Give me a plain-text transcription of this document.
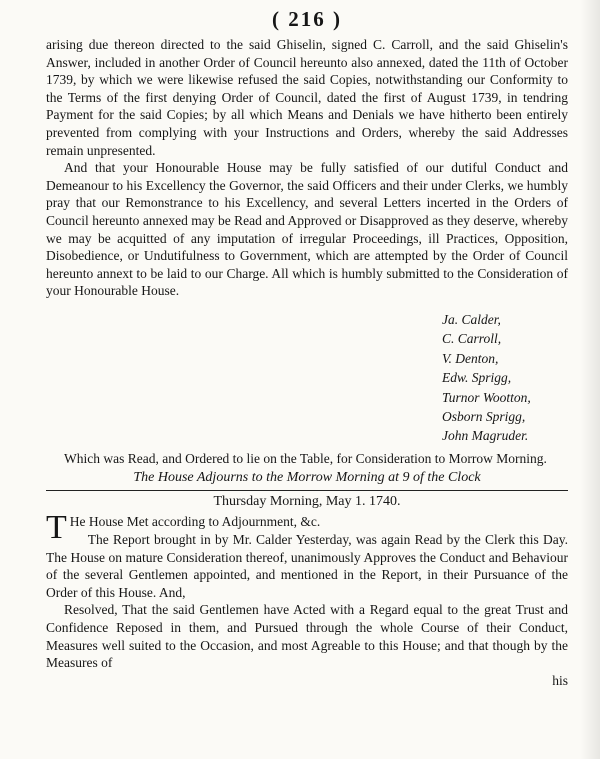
( 216 )

arising due thereon directed to the said Ghiselin, signed C. Carroll, and the said Ghiselin's Answer, included in another Order of Council hereunto also annexed, dated the 11th of October 1739, by which we were likewise refused the said Copies, notwithstanding our Conformity to the Terms of the first denying Order of Council, dated the first of August 1739, in tendring Payment for the said Copies; by all which Means and Denials we have hitherto been entirely prevented from complying with your Instructions and Orders, whereby the said Addresses remain unpresented.

And that your Honourable House may be fully satisfied of our dutiful Conduct and Demeanour to his Excellency the Governor, the said Officers and their under Clerks, we humbly pray that our Remonstrance to his Excellency, and several Letters incerted in the Orders of Council hereunto annexed may be Read and Approved or Disapproved as they deserve, whereby we may be acquitted of any imputation of irregular Proceedings, ill Practices, Opposition, Disobedience, or Undutifulness to Government, which are attempted by the Order of Council hereunto annext to be laid to our Charge. All which is humbly submitted to the Consideration of your Honourable House.

Ja. Calder,
C. Carroll,
V. Denton,
Edw. Sprigg,
Turnor Wootton,
Osborn Sprigg,
John Magruder.

Which was Read, and Ordered to lie on the Table, for Consideration to Morrow Morning.

The House Adjourns to the Morrow Morning at 9 of the Clock
Thursday Morning, May 1. 1740.

T He House Met according to Adjournment, &c.

The Report brought in by Mr. Calder Yesterday, was again Read by the Clerk this Day. The House on mature Consideration thereof, unanimously Approves the Conduct and Behaviour of the several Gentlemen appointed, and mentioned in the Report, in their Pursuance of the Order of this House. And,

Resolved, That the said Gentlemen have Acted with a Regard equal to the great Trust and Confidence Reposed in them, and Pursued through the whole Course of their Conduct, Measures well suited to the Occasion, and most Agreable to this House; and that though by the Measures of

his
